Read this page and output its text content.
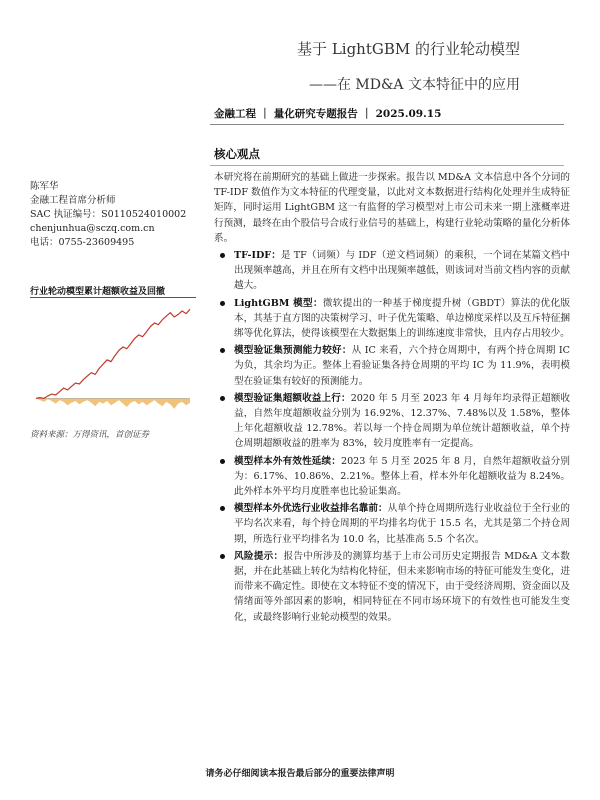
基于 LightGBM 的行业轮动模型
——在 MD&A 文本特征中的应用
金融工程 ｜ 量化研究专题报告 ｜ 2025.09.15
核心观点
陈军华
金融工程首席分析师
SAC 执证编号：S0110524010002
chenjunhua@sczq.com.cn
电话：0755-23609495
行业轮动模型累计超额收益及回撤
资料来源：万得资讯，首创证券
本研究将在前期研究的基础上做进一步探索。报告以 MD&A 文本信息中各个分词的 TF-IDF 数值作为文本特征的代理变量，以此对文本数据进行结构化处理并生成特征矩阵，同时运用 LightGBM 这一有监督的学习模型对上市公司未来一期上涨概率进行预测，最终在由个股信号合成行业信号的基础上，构建行业轮动策略的量化分析体系。
TF-IDF：是 TF（词频）与 IDF（逆文档词频）的乘积，一个词在某篇文档中出现频率越高，并且在所有文档中出现频率越低，则该词对当前文档内容的贡献越大。
LightGBM 模型：微软提出的一种基于梯度提升树（GBDT）算法的优化版本，其基于直方图的决策树学习、叶子优先策略、单边梯度采样以及互斥特征捆绑等优化算法，使得该模型在大数据集上的训练速度非常快，且内存占用较少。
模型验证集预测能力较好：从 IC 来看，六个持仓周期中，有两个持仓周期 IC 为负，其余均为正。整体上看验证集各持仓周期的平均 IC 为 11.9%，表明模型在验证集有较好的预测能力。
模型验证集超额收益上行：2020 年 5 月至 2023 年 4 月每年均录得正超额收益，自然年度超额收益分别为 16.92%、12.37%、7.48%以及 1.58%，整体上年化超额收益 12.78%。若以每一个持仓周期为单位统计超额收益，单个持仓周期超额收益的胜率为 83%，较月度胜率有一定提高。
模型样本外有效性延续：2023 年 5 月至 2025 年 8 月，自然年超额收益分别为：6.17%、10.86%、2.21%。整体上看，样本外年化超额收益为 8.24%。此外样本外平均月度胜率也比验证集高。
模型样本外优选行业收益排名靠前：从单个持仓周期所选行业收益位于全行业的平均名次来看，每个持仓周期的平均排名均优于 15.5 名，尤其是第二个持仓周期，所选行业平均排名为 10.0 名，比基准高 5.5 个名次。
风险提示：报告中所涉及的测算均基于上市公司历史定期报告 MD&A 文本数据，并在此基础上转化为结构化特征，但未来影响市场的特征可能发生变化，进而带来不确定性。即使在文本特征不变的情况下，由于受经济周期、资金面以及情绪面等外部因素的影响，相同特征在不同市场环境下的有效性也可能发生变化，或最终影响行业轮动模型的效果。
请务必仔细阅读本报告最后部分的重要法律声明
